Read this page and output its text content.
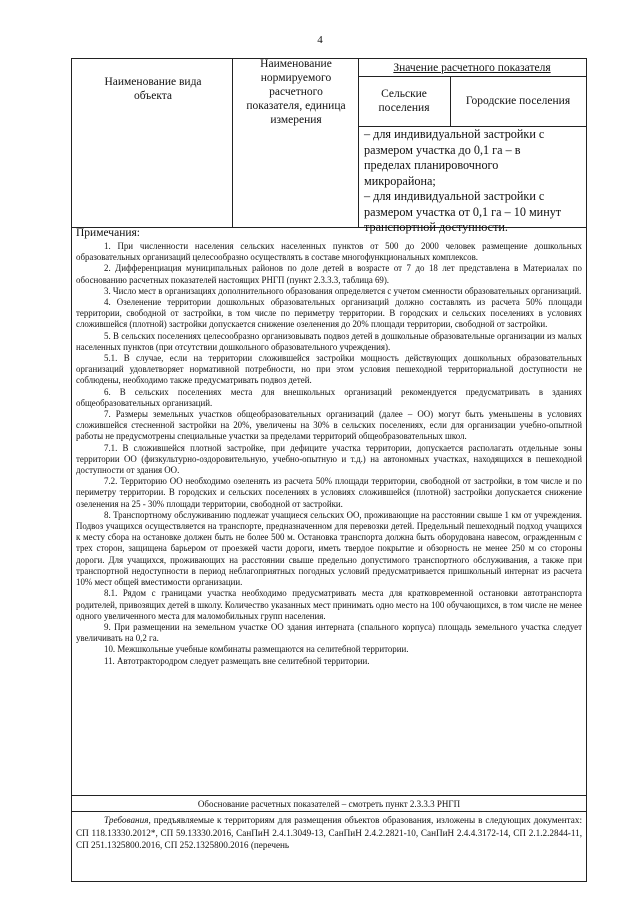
4
Наименование вида объекта
Наименование нормируемого расчетного показателя, единица измерения
Значение расчетного показателя
Сельские поселения
Городские поселения
– для индивидуальной застройки с размером участка до 0,1 га – в пределах планировочного микрорайона;
– для индивидуальной застройки с размером участка от 0,1 га – 10 минут транспортной доступности.
Примечания:

1. При численности населения сельских населенных пунктов от 500 до 2000 человек размещение дошкольных образовательных организаций целесообразно осуществлять в составе многофункциональных комплексов.

2. Дифференциация муниципальных районов по доле детей в возрасте от 7 до 18 лет представлена в Материалах по обоснованию расчетных показателей настоящих РНГП (пункт 2.3.3.3, таблица 69).

3. Число мест в организациях дополнительного образования определяется с учетом сменности образовательных организаций.

4. Озеленение территории дошкольных образовательных организаций должно составлять из расчета 50% площади территории, свободной от застройки, в том числе по периметру территории. В городских и сельских поселениях в условиях сложившейся (плотной) застройки допускается снижение озеленения до 20% площади территории, свободной от застройки.

5. В сельских поселениях целесообразно организовывать подвоз детей в дошкольные образовательные организации из малых населенных пунктов (при отсутствии дошкольного образовательного учреждения).

5.1. В случае, если на территории сложившейся застройки мощность действующих дошкольных образовательных организаций удовлетворяет нормативной потребности, но при этом условия пешеходной территориальной доступности не соблюдены, необходимо также предусматривать подвоз детей.

6. В сельских поселениях места для внешкольных организаций рекомендуется предусматривать в зданиях общеобразовательных организаций.

7. Размеры земельных участков общеобразовательных организаций (далее – ОО) могут быть уменьшены в условиях сложившейся стесненной застройки на 20%, увеличены на 30% в сельских поселениях, если для организации учебно-опытной работы не предусмотрены специальные участки за пределами территорий общеобразовательных школ.

7.1. В сложившейся плотной застройке, при дефиците участка территории, допускается располагать отдельные зоны территории ОО (физкультурно-оздоровительную, учебно-опытную и т.д.) на автономных участках, находящихся в пешеходной доступности от здания ОО.

7.2. Территорию ОО необходимо озеленять из расчета 50% площади территории, свободной от застройки, в том числе и по периметру территории. В городских и сельских поселениях в условиях сложившейся (плотной) застройки допускается снижение озеленения на 25 - 30% площади территории, свободной от застройки.

8. Транспортному обслуживанию подлежат учащиеся сельских ОО, проживающие на расстоянии свыше 1 км от учреждения. Подвоз учащихся осуществляется на транспорте, предназначенном для перевозки детей. Предельный пешеходный подход учащихся к месту сбора на остановке должен быть не более 500 м. Остановка транспорта должна быть оборудована навесом, огражденным с трех сторон, защищена барьером от проезжей части дороги, иметь твердое покрытие и обзорность не менее 250 м со стороны дороги. Для учащихся, проживающих на расстоянии свыше предельно допустимого транспортного обслуживания, а также при транспортной недоступности в период неблагоприятных погодных условий предусматривается пришкольный интернат из расчета 10% мест общей вместимости организации.

8.1. Рядом с границами участка необходимо предусматривать места для кратковременной остановки автотранспорта родителей, привозящих детей в школу. Количество указанных мест принимать одно место на 100 обучающихся, в том числе не менее одного увеличенного места для маломобильных групп населения.

9. При размещении на земельном участке ОО здания интерната (спального корпуса) площадь земельного участка следует увеличивать на 0,2 га.

10. Межшкольные учебные комбинаты размещаются на селитебной территории.

11. Автотрактородром следует размещать вне селитебной территории.

Обоснование расчетных показателей – смотреть пункт 2.3.3.3 РНГП

Требования, предъявляемые к территориям для размещения объектов образования, изложены в следующих документах: СП 118.13330.2012*, СП 59.13330.2016, СанПиН 2.4.1.3049-13, СанПиН 2.4.2.2821-10, СанПиН 2.4.4.3172-14, СП 2.1.2.2844-11, СП 251.1325800.2016, СП 252.1325800.2016 (перечень
